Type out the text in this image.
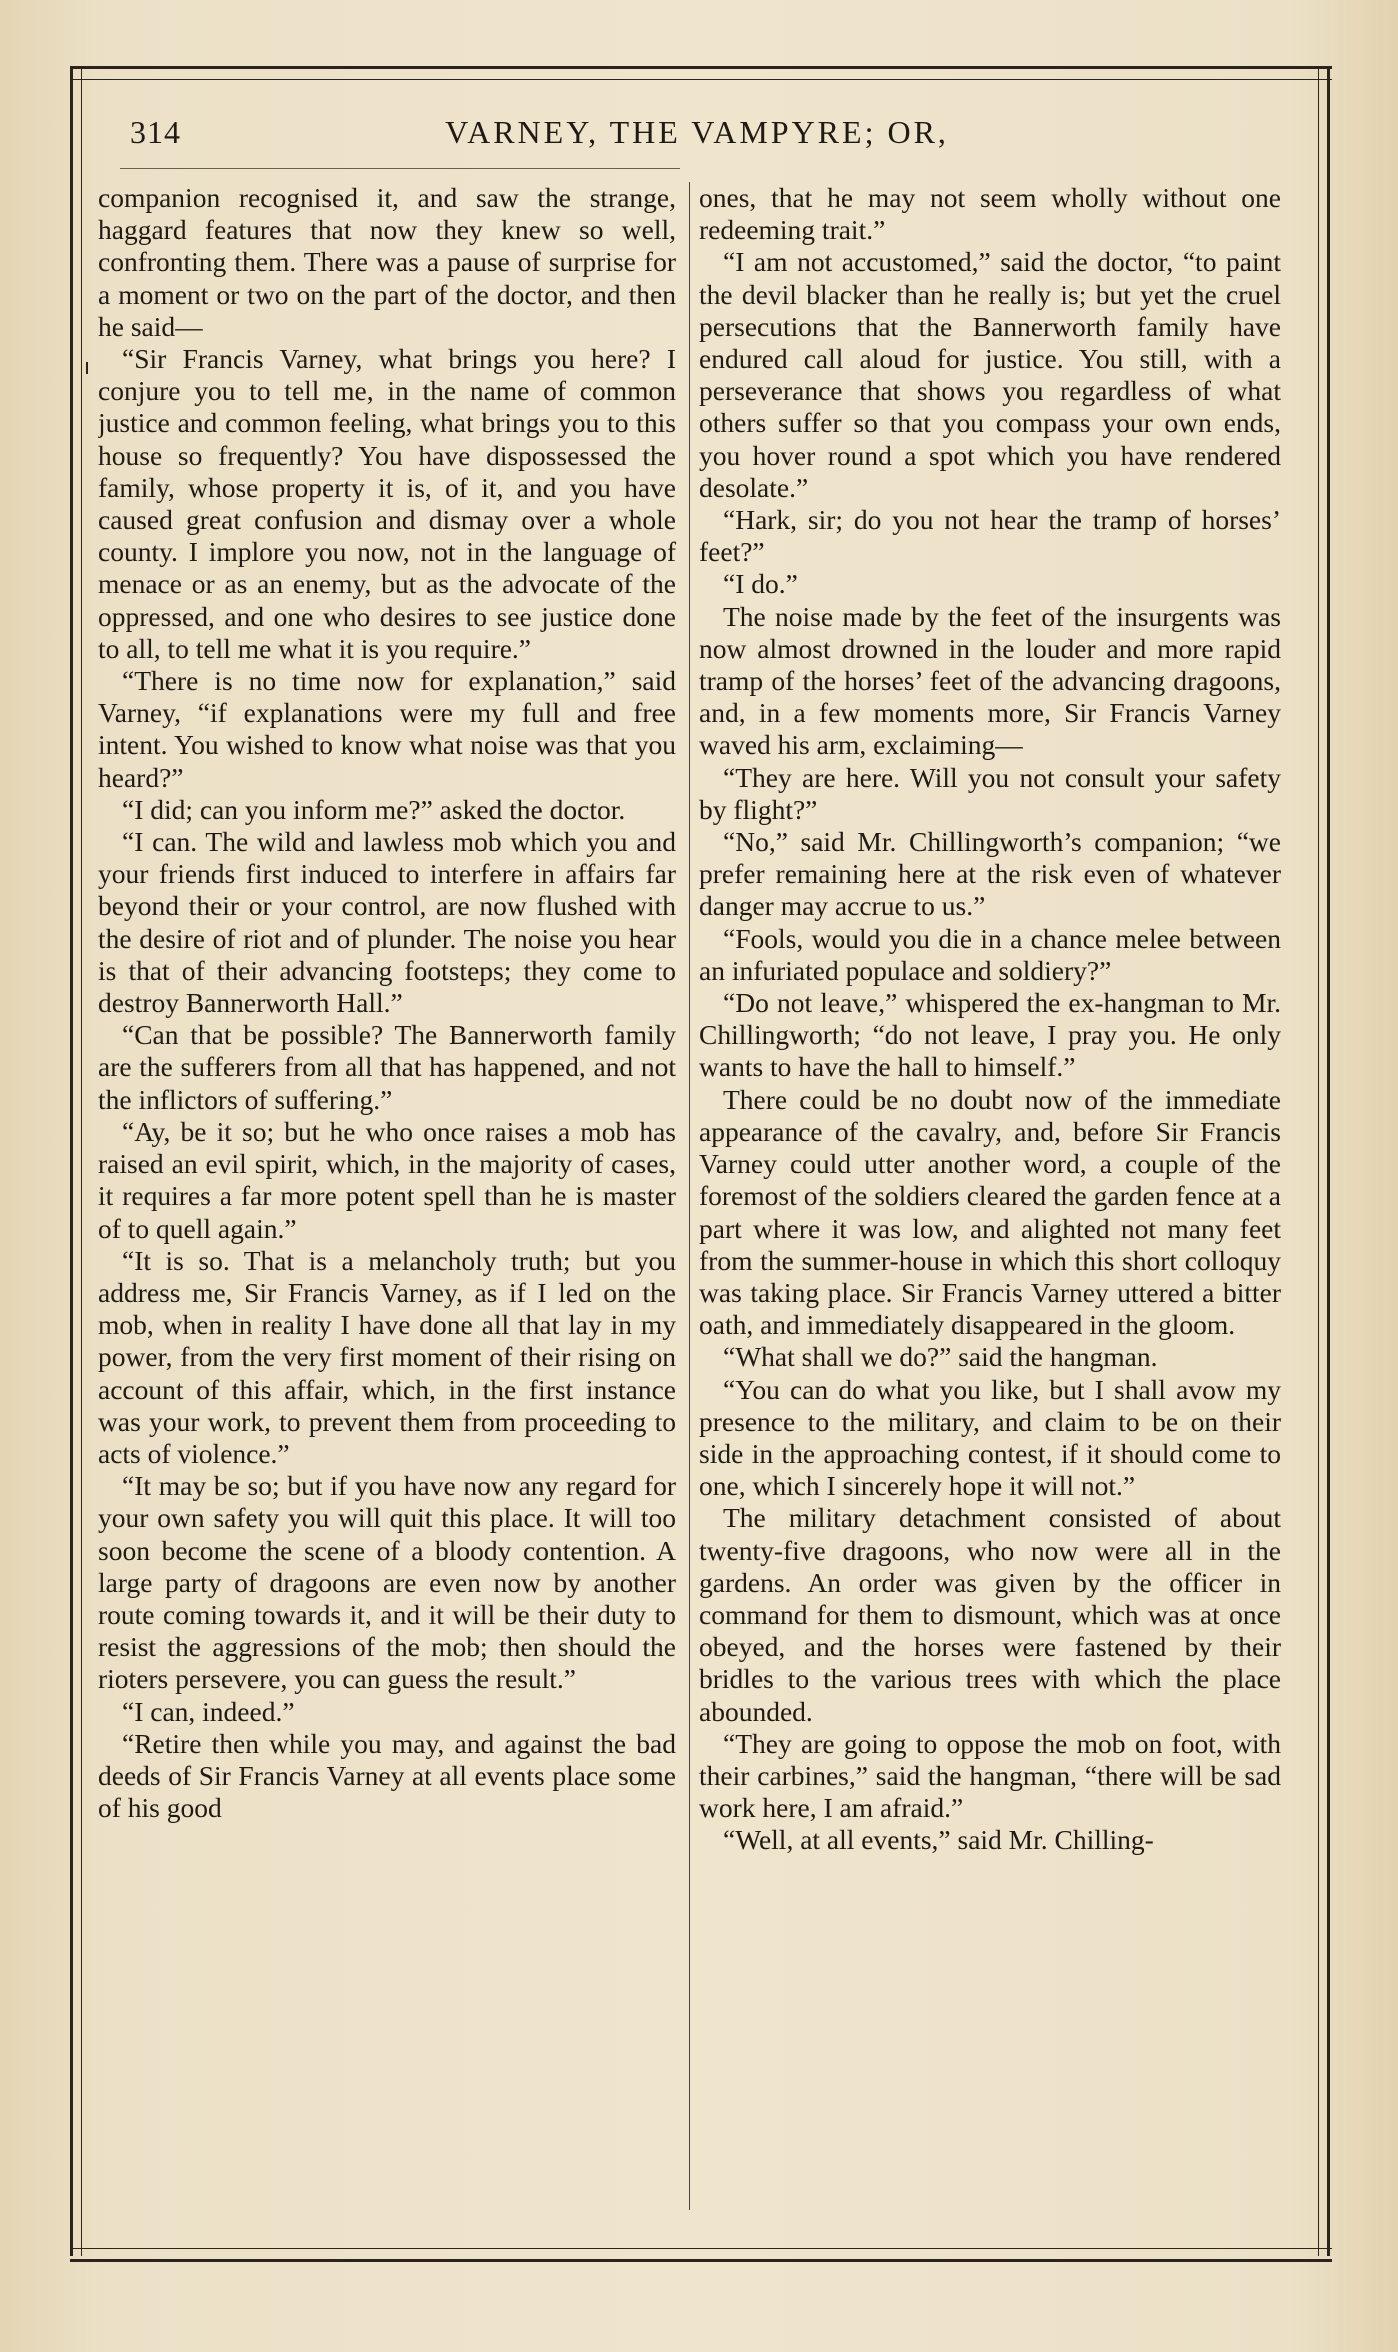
VARNEY, THE VAMPYRE; OR,
314

companion recognised it, and saw the strange, haggard features that now they knew so well, confronting them. There was a pause of surprise for a moment or two on the part of the doctor, and then he said—

“Sir Francis Varney, what brings you here? I conjure you to tell me, in the name of common justice and common feeling, what brings you to this house so frequently? You have dispossessed the family, whose property it is, of it, and you have caused great confusion and dismay over a whole county. I implore you now, not in the language of menace or as an enemy, but as the advocate of the oppressed, and one who desires to see justice done to all, to tell me what it is you require.”

“There is no time now for explanation,” said Varney, “if explanations were my full and free intent. You wished to know what noise was that you heard?”

“I did; can you inform me?” asked the doctor.

“I can. The wild and lawless mob which you and your friends first induced to interfere in affairs far beyond their or your control, are now flushed with the desire of riot and of plunder. The noise you hear is that of their advancing footsteps; they come to destroy Bannerworth Hall.”

“Can that be possible? The Bannerworth family are the sufferers from all that has happened, and not the inflictors of suffering.”

“Ay, be it so; but he who once raises a mob has raised an evil spirit, which, in the majority of cases, it requires a far more potent spell than he is master of to quell again.”

“It is so. That is a melancholy truth; but you address me, Sir Francis Varney, as if I led on the mob, when in reality I have done all that lay in my power, from the very first moment of their rising on account of this affair, which, in the first instance was your work, to prevent them from proceeding to acts of violence.”

“It may be so; but if you have now any regard for your own safety you will quit this place. It will too soon become the scene of a bloody contention. A large party of dragoons are even now by another route coming towards it, and it will be their duty to resist the aggressions of the mob; then should the rioters persevere, you can guess the result.”

“I can, indeed.”

“Retire then while you may, and against the bad deeds of Sir Francis Varney at all events place some of his good

ones, that he may not seem wholly without one redeeming trait.”

“I am not accustomed,” said the doctor, “to paint the devil blacker than he really is; but yet the cruel persecutions that the Bannerworth family have endured call aloud for justice. You still, with a perseverance that shows you regardless of what others suffer so that you compass your own ends, you hover round a spot which you have rendered desolate.”

“Hark, sir; do you not hear the tramp of horses’ feet?”

“I do.”

The noise made by the feet of the insurgents was now almost drowned in the louder and more rapid tramp of the horses’ feet of the advancing dragoons, and, in a few moments more, Sir Francis Varney waved his arm, exclaiming—

“They are here. Will you not consult your safety by flight?”

“No,” said Mr. Chillingworth’s companion; “we prefer remaining here at the risk even of whatever danger may accrue to us.”

“Fools, would you die in a chance melee between an infuriated populace and soldiery?”

“Do not leave,” whispered the ex-hangman to Mr. Chillingworth; “do not leave, I pray you. He only wants to have the hall to himself.”

There could be no doubt now of the immediate appearance of the cavalry, and, before Sir Francis Varney could utter another word, a couple of the foremost of the soldiers cleared the garden fence at a part where it was low, and alighted not many feet from the summer-house in which this short colloquy was taking place. Sir Francis Varney uttered a bitter oath, and immediately disappeared in the gloom.

“What shall we do?” said the hangman.

“You can do what you like, but I shall avow my presence to the military, and claim to be on their side in the approaching contest, if it should come to one, which I sincerely hope it will not.”

The military detachment consisted of about twenty-five dragoons, who now were all in the gardens. An order was given by the officer in command for them to dismount, which was at once obeyed, and the horses were fastened by their bridles to the various trees with which the place abounded.

“They are going to oppose the mob on foot, with their carbines,” said the hangman, “there will be sad work here, I am afraid.”

“Well, at all events,” said Mr. Chilling-
